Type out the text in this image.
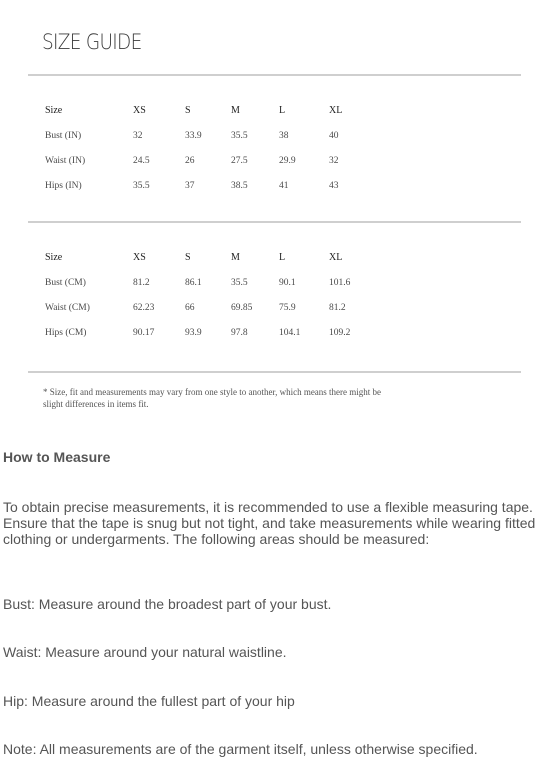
SIZE GUIDE
Size	XS	S	M	L	XL
Bust (IN)	32	33.9	35.5	38	40
Waist (IN)	24.5	26	27.5	29.9	32
Hips (IN)	35.5	37	38.5	41	43
Size	XS	S	M	L	XL
Bust (CM)	81.2	86.1	35.5	90.1	101.6
Waist (CM)	62.23	66	69.85	75.9	81.2
Hips (CM)	90.17	93.9	97.8	104.1	109.2
* Size, fit and measurements may vary from one style to another, which means there might be slight differences in items fit.
How to Measure
To obtain precise measurements, it is recommended to use a flexible measuring tape. Ensure that the tape is snug but not tight, and take measurements while wearing fitted clothing or undergarments. The following areas should be measured:
Bust: Measure around the broadest part of your bust.
Waist: Measure around your natural waistline.
Hip: Measure around the fullest part of your hip
Note: All measurements are of the garment itself, unless otherwise specified.
